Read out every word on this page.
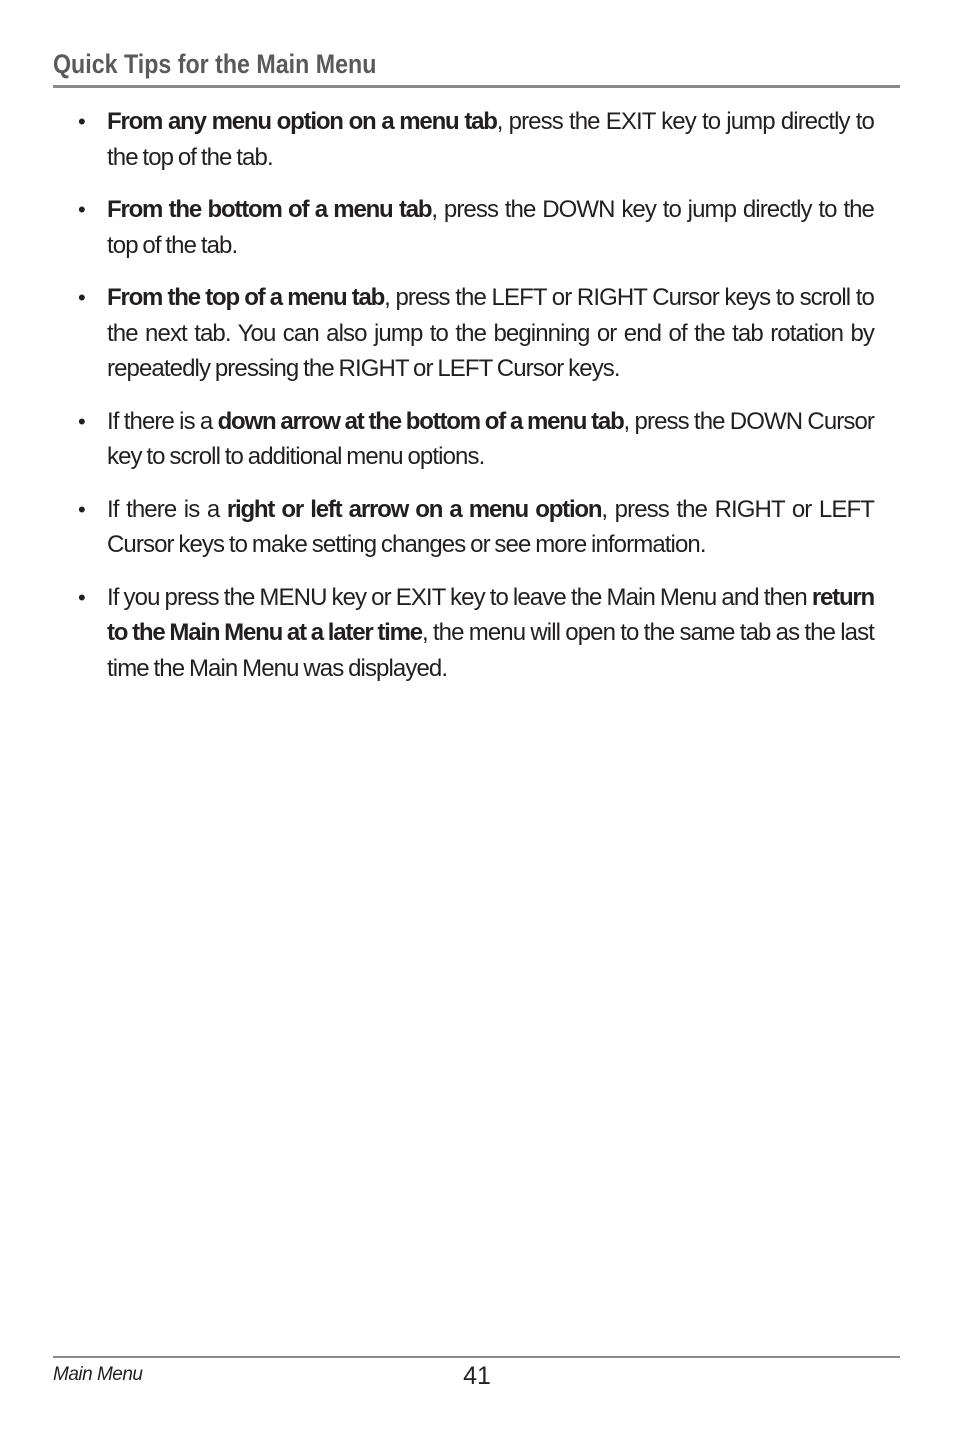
Quick Tips for the Main Menu
• From any menu option on a menu tab, press the EXIT key to jump directly to the top of the tab.
• From the bottom of a menu tab, press the DOWN key to jump directly to the top of the tab.
• From the top of a menu tab, press the LEFT or RIGHT Cursor keys to scroll to the next tab. You can also jump to the beginning or end of the tab rotation by repeatedly pressing the RIGHT or LEFT Cursor keys.
• If there is a down arrow at the bottom of a menu tab, press the DOWN Cursor key to scroll to additional menu options.
• If there is a right or left arrow on a menu option, press the RIGHT or LEFT Cursor keys to make setting changes or see more information.
• If you press the MENU key or EXIT key to leave the Main Menu and then return to the Main Menu at a later time, the menu will open to the same tab as the last time the Main Menu was displayed.
Main Menu	41
